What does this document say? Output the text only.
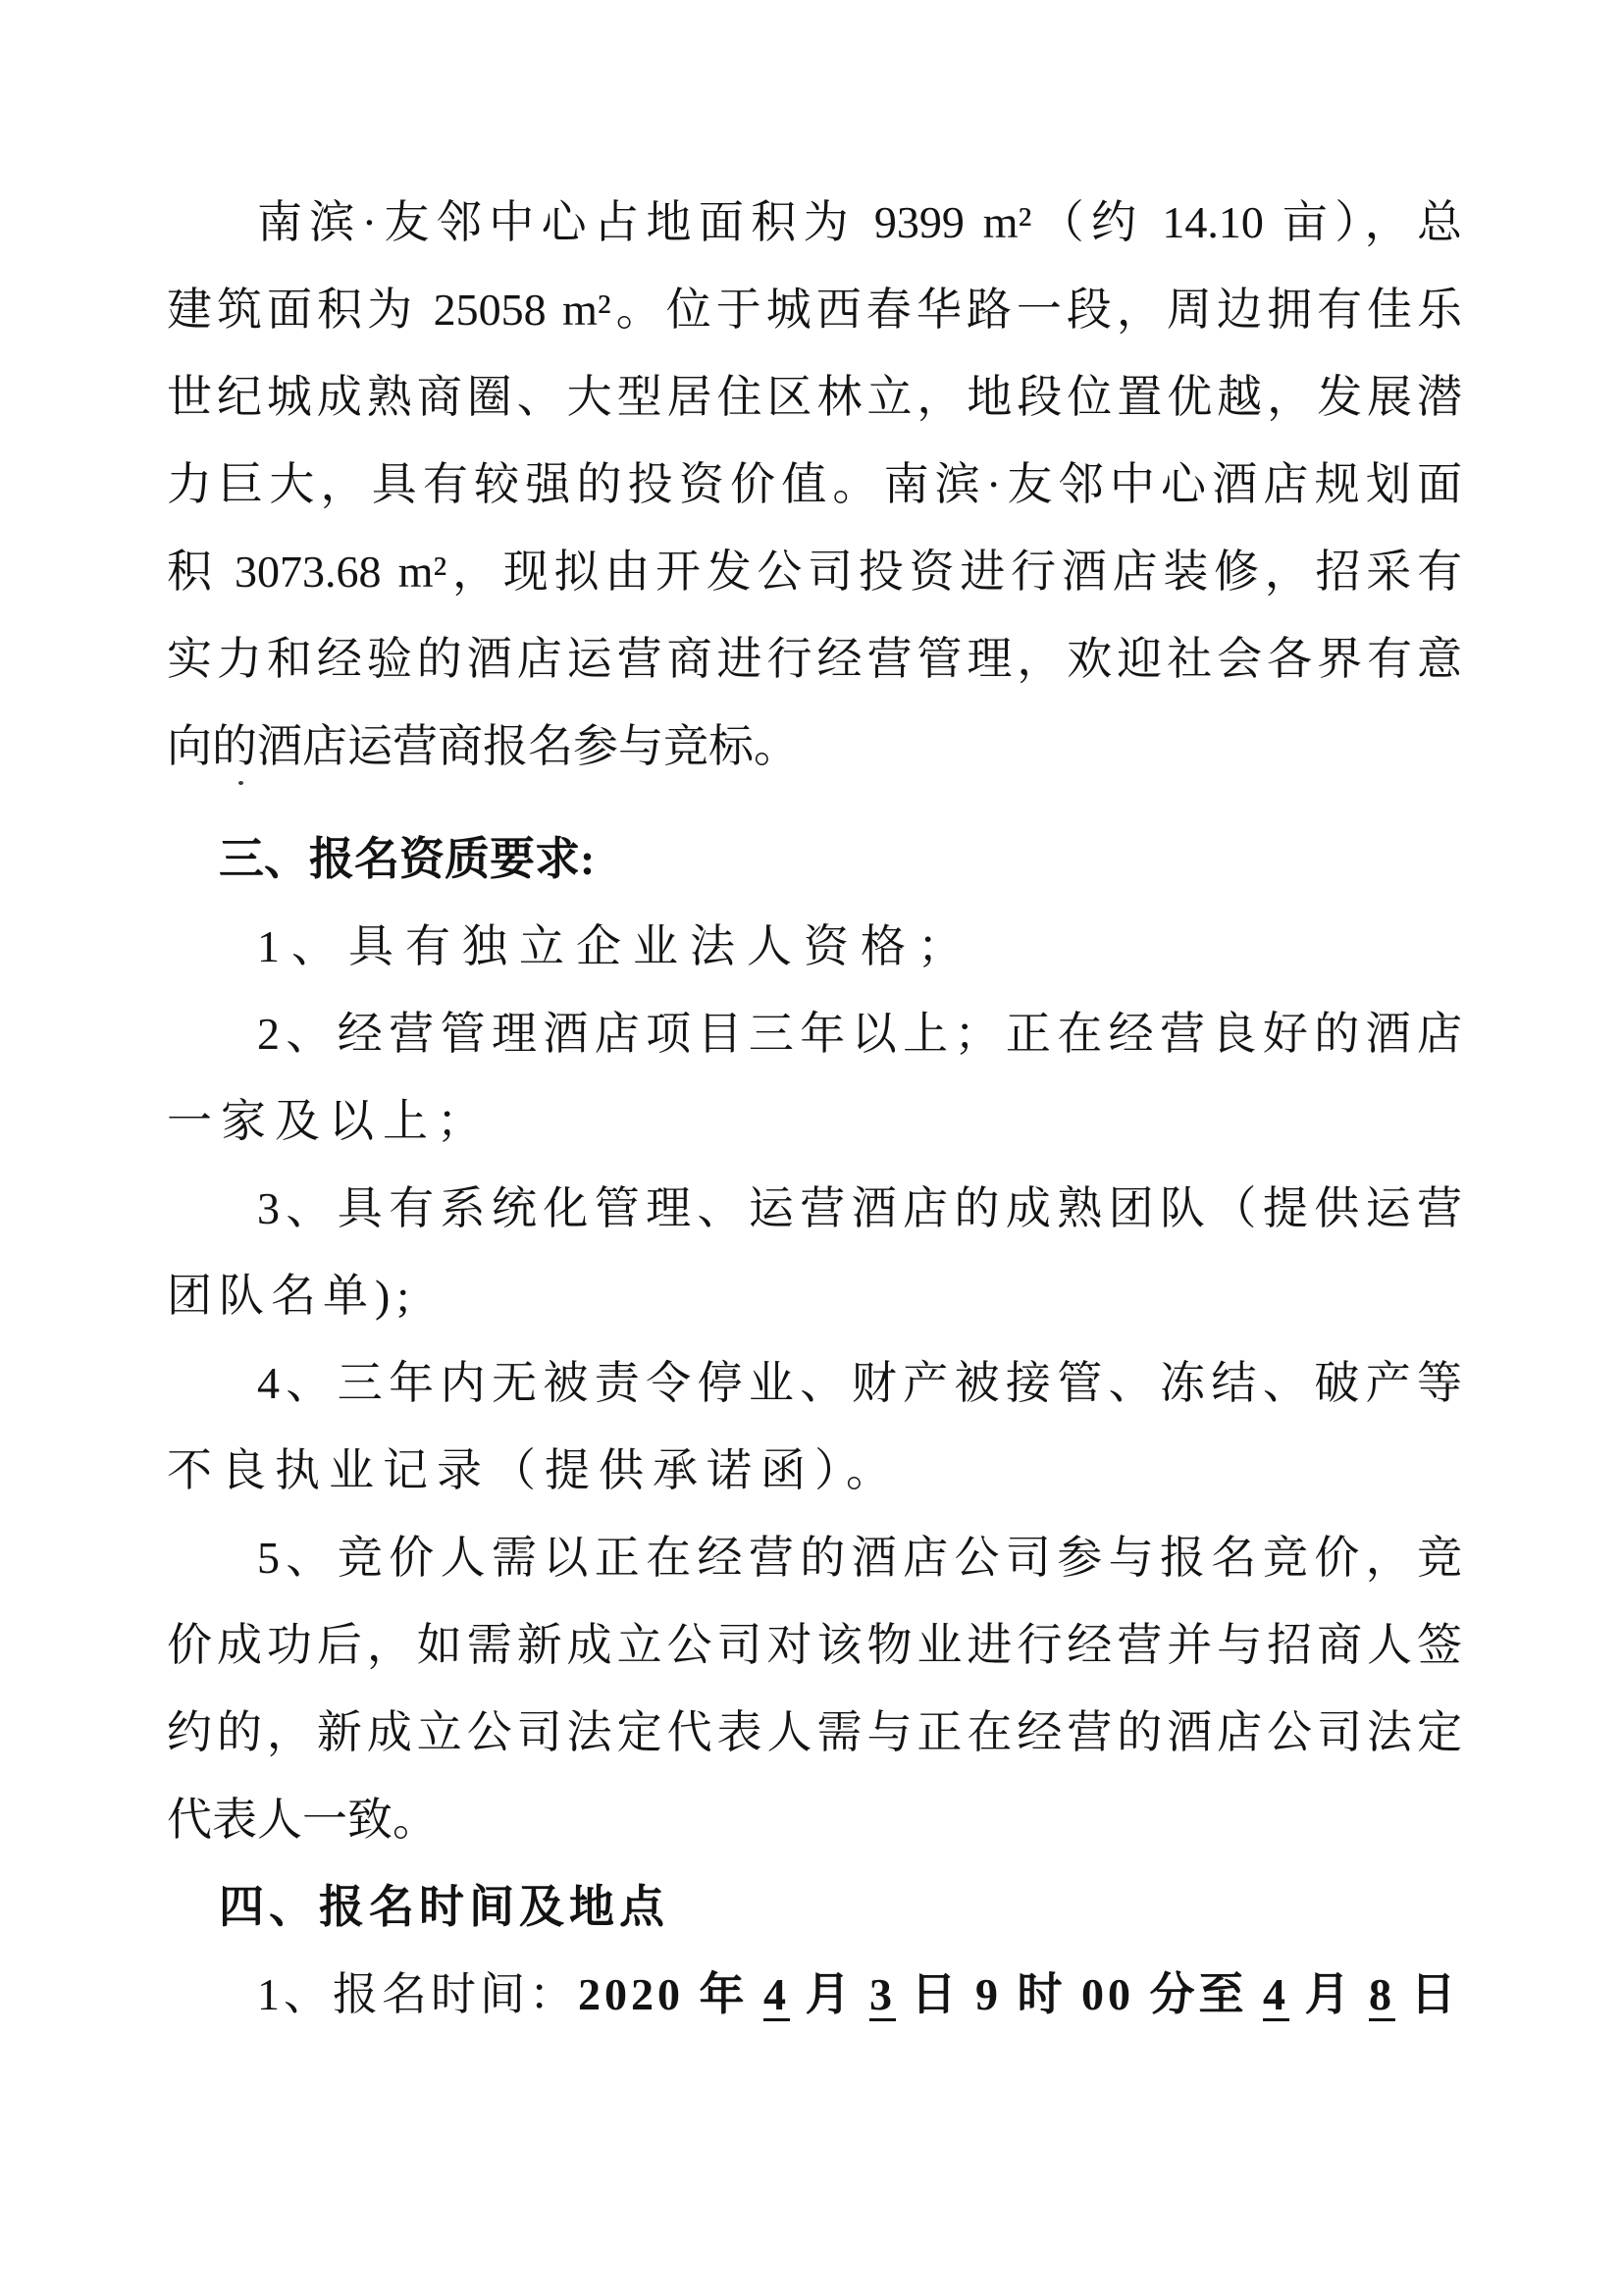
南滨·友邻中心占地面积为 9399 m²（约 14.10 亩），总
建筑面积为 25058 m²。位于城西春华路一段，周边拥有佳乐
世纪城成熟商圈、大型居住区林立，地段位置优越，发展潜
力巨大，具有较强的投资价值。南滨·友邻中心酒店规划面
积 3073.68 m²，现拟由开发公司投资进行酒店装修，招采有
实力和经验的酒店运营商进行经营管理，欢迎社会各界有意
向的酒店运营商报名参与竞标。
三、报名资质要求:
1、具有独立企业法人资格；
2、经营管理酒店项目三年以上；正在经营良好的酒店
一家及以上；
3、具有系统化管理、运营酒店的成熟团队（提供运营
团队名单);
4、三年内无被责令停业、财产被接管、冻结、破产等
不良执业记录（提供承诺函）。
5、竞价人需以正在经营的酒店公司参与报名竞价，竞
价成功后，如需新成立公司对该物业进行经营并与招商人签
约的，新成立公司法定代表人需与正在经营的酒店公司法定
代表人一致。
四、报名时间及地点
1、报名时间：2020 年 4 月 3 日 9 时 00 分至 4 月 8 日
